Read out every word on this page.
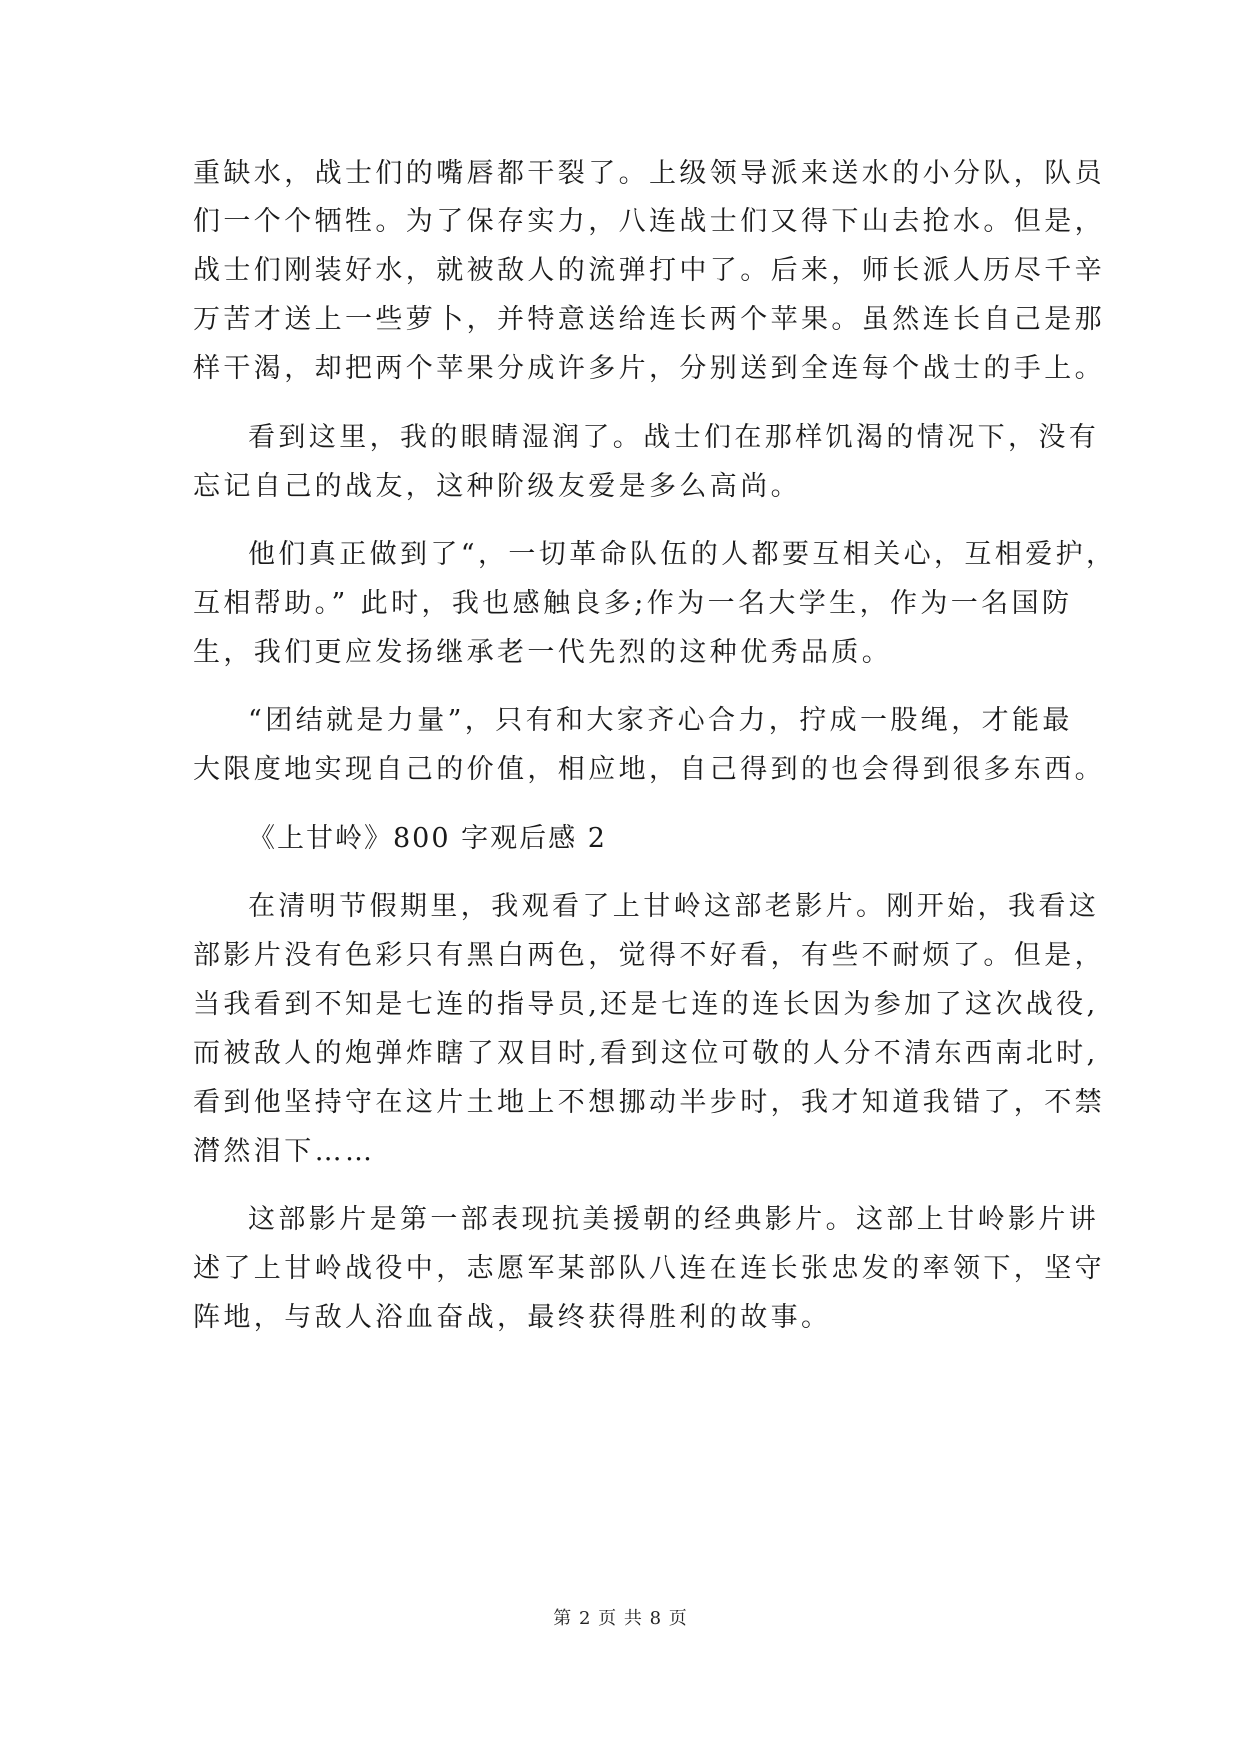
重缺水，战士们的嘴唇都干裂了。上级领导派来送水的小分队，队员
们一个个牺牲。为了保存实力，八连战士们又得下山去抢水。但是，
战士们刚装好水，就被敌人的流弹打中了。后来，师长派人历尽千辛
万苦才送上一些萝卜，并特意送给连长两个苹果。虽然连长自己是那
样干渴，却把两个苹果分成许多片，分别送到全连每个战士的手上。
看到这里，我的眼睛湿润了。战士们在那样饥渴的情况下，没有
忘记自己的战友，这种阶级友爱是多么高尚。
他们真正做到了“，一切革命队伍的人都要互相关心，互相爱护，
互相帮助。” 此时，我也感触良多;作为一名大学生，作为一名国防
生，我们更应发扬继承老一代先烈的这种优秀品质。
“团结就是力量”，只有和大家齐心合力，拧成一股绳，才能最
大限度地实现自己的价值，相应地，自己得到的也会得到很多东西。
《上甘岭》800 字观后感 2
在清明节假期里，我观看了上甘岭这部老影片。刚开始，我看这
部影片没有色彩只有黑白两色，觉得不好看，有些不耐烦了。但是，
当我看到不知是七连的指导员,还是七连的连长因为参加了这次战役,
而被敌人的炮弹炸瞎了双目时,看到这位可敬的人分不清东西南北时,
看到他坚持守在这片土地上不想挪动半步时，我才知道我错了，不禁
潸然泪下……
这部影片是第一部表现抗美援朝的经典影片。这部上甘岭影片讲
述了上甘岭战役中，志愿军某部队八连在连长张忠发的率领下，坚守
阵地，与敌人浴血奋战，最终获得胜利的故事。
第 2 页 共 8 页
